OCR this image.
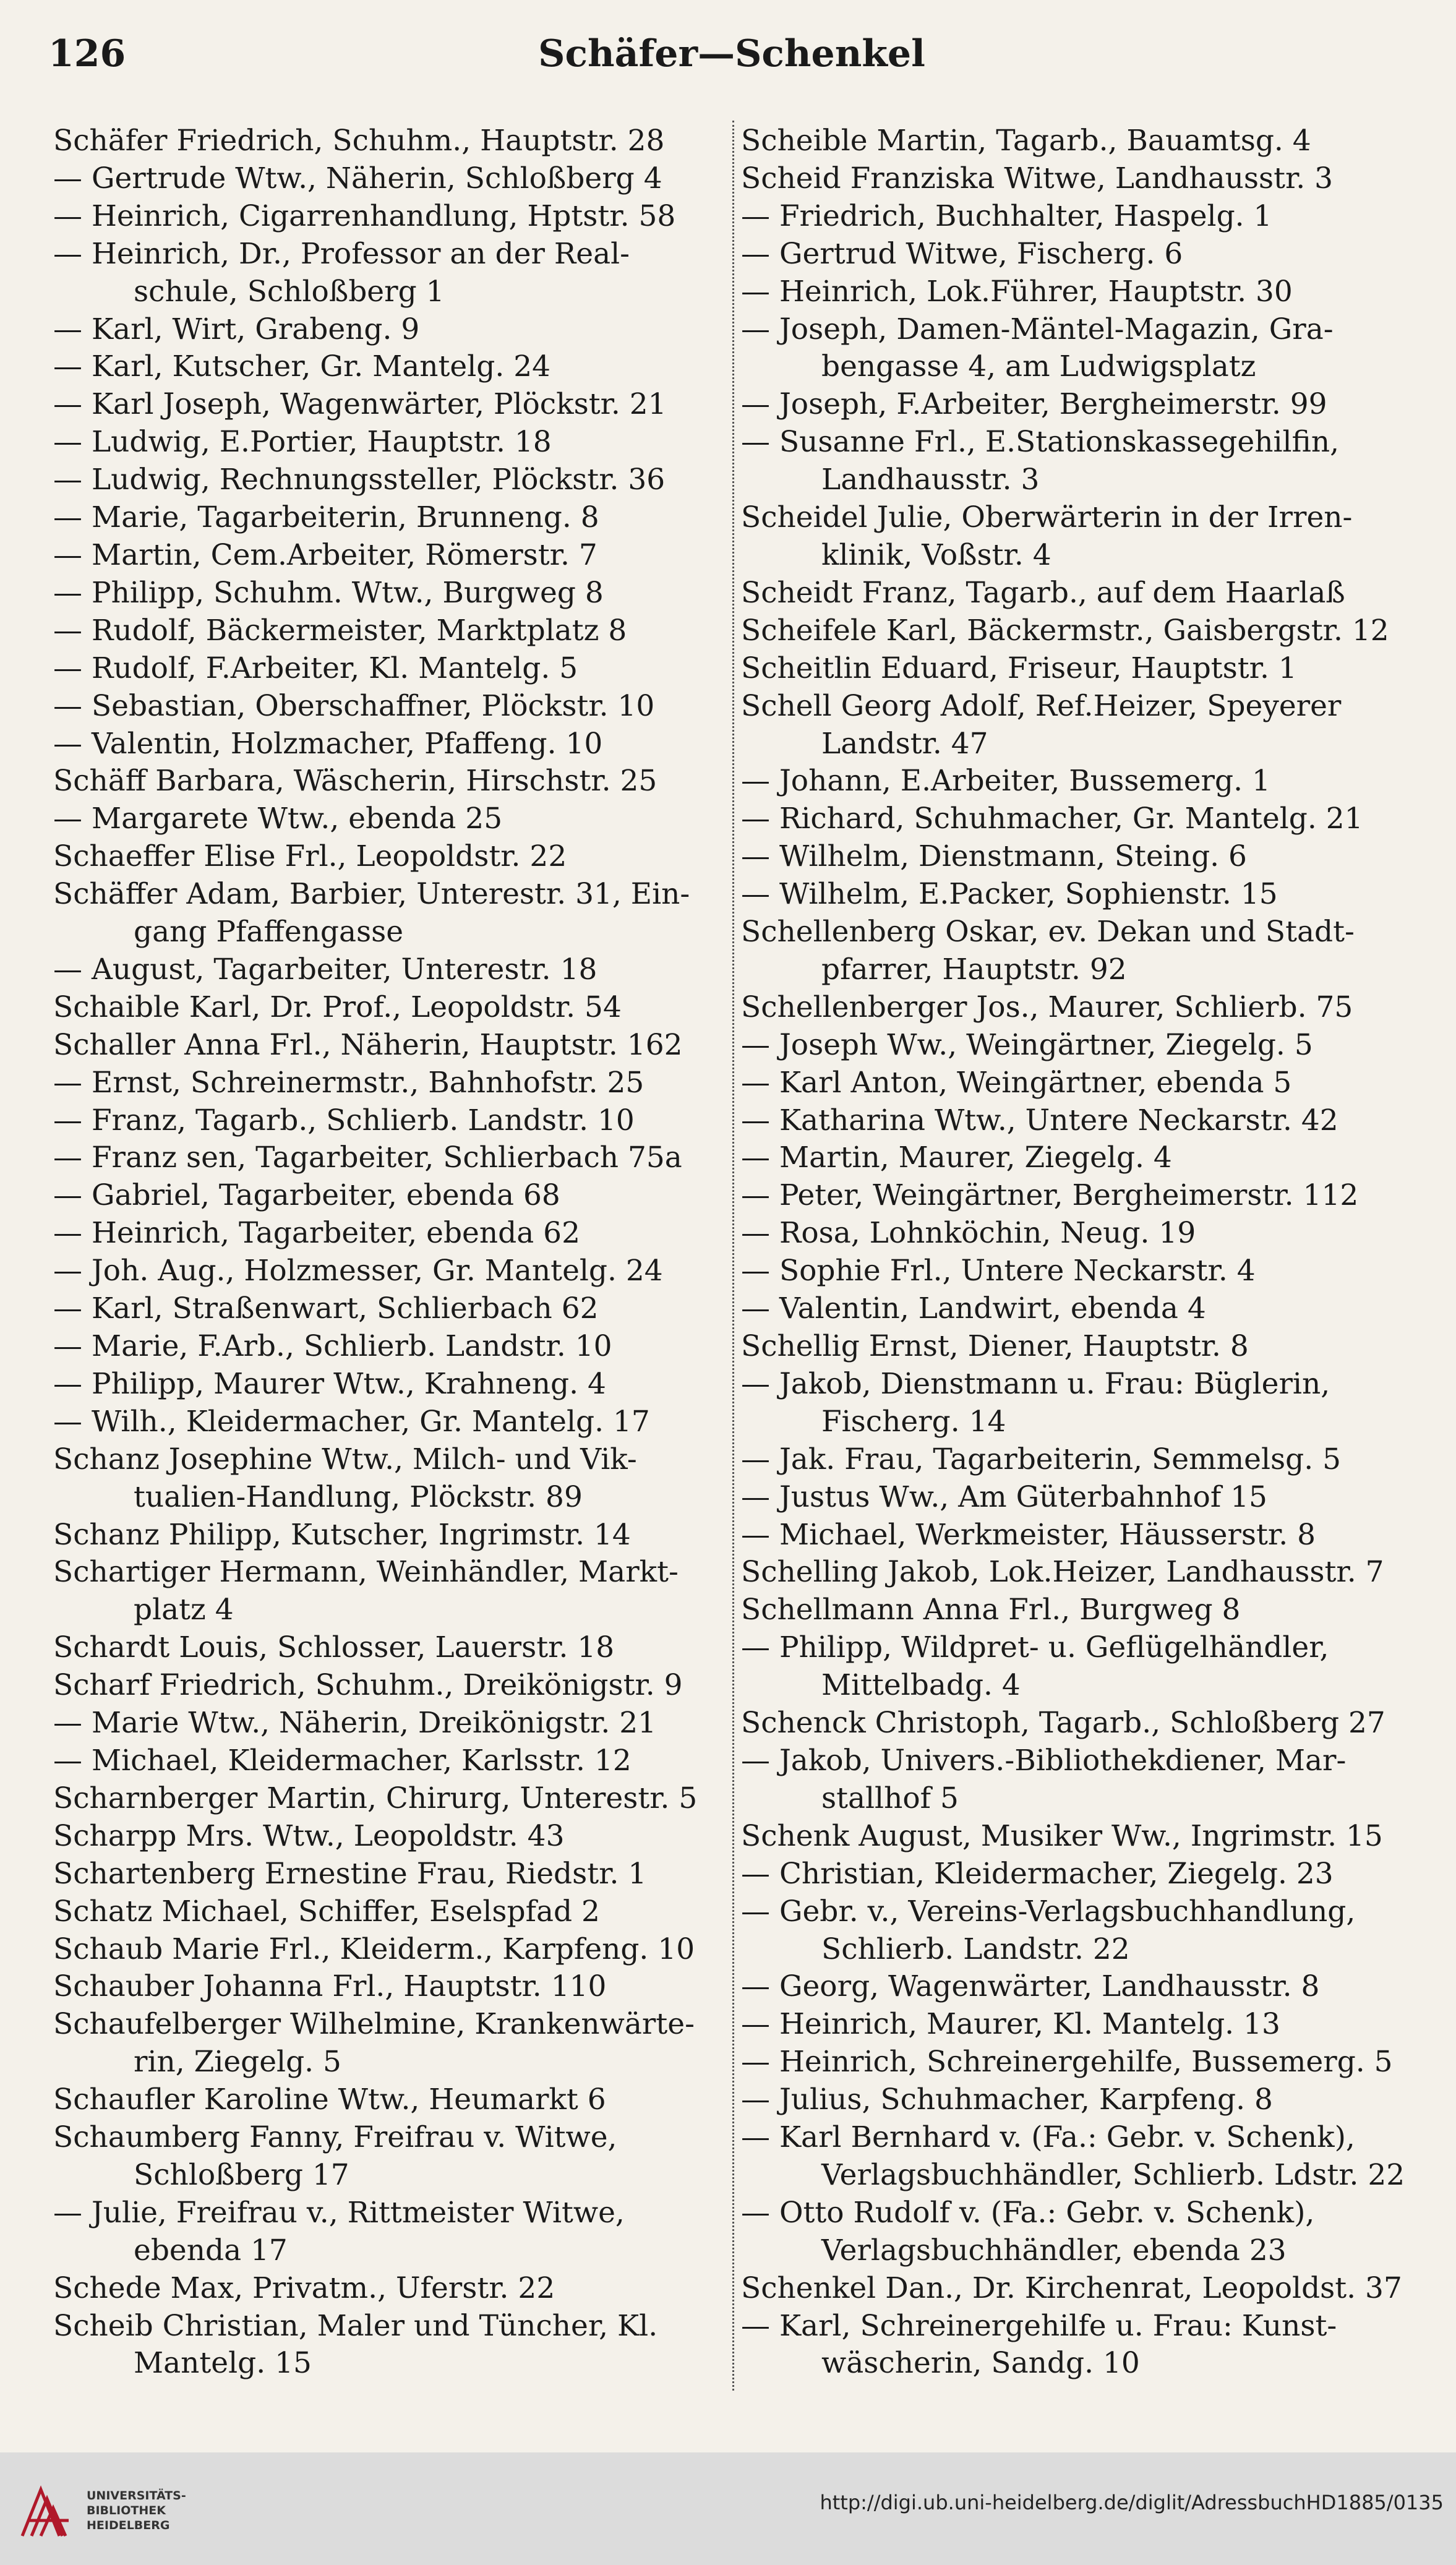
Schäfer—Schenkel
126
Schäfer Friedrich, Schuhm., Hauptstr. 28
— Gertrude Wtw., Näherin, Schloßberg 4
— Heinrich, Cigarrenhandlung, Hptstr. 58
— Heinrich, Dr., Professor an der Real-
schule, Schloßberg 1
— Karl, Wirt, Grabeng. 9
— Karl, Kutscher, Gr. Mantelg. 24
— Karl Joseph, Wagenwärter, Plöckstr. 21
— Ludwig, E.Portier, Hauptstr. 18
— Ludwig, Rechnungssteller, Plöckstr. 36
— Marie, Tagarbeiterin, Brunneng. 8
— Martin, Cem.Arbeiter, Römerstr. 7
— Philipp, Schuhm. Wtw., Burgweg 8
— Rudolf, Bäckermeister, Marktplatz 8
— Rudolf, F.Arbeiter, Kl. Mantelg. 5
— Sebastian, Oberschaffner, Plöckstr. 10
— Valentin, Holzmacher, Pfaffeng. 10
Schäff Barbara, Wäscherin, Hirschstr. 25
— Margarete Wtw., ebenda 25
Schaeffer Elise Frl., Leopoldstr. 22
Schäffer Adam, Barbier, Unterestr. 31, Ein-
gang Pfaffengasse
— August, Tagarbeiter, Unterestr. 18
Schaible Karl, Dr. Prof., Leopoldstr. 54
Schaller Anna Frl., Näherin, Hauptstr. 162
— Ernst, Schreinermstr., Bahnhofstr. 25
— Franz, Tagarb., Schlierb. Landstr. 10
— Franz sen, Tagarbeiter, Schlierbach 75a
— Gabriel, Tagarbeiter, ebenda 68
— Heinrich, Tagarbeiter, ebenda 62
— Joh. Aug., Holzmesser, Gr. Mantelg. 24
— Karl, Straßenwart, Schlierbach 62
— Marie, F.Arb., Schlierb. Landstr. 10
— Philipp, Maurer Wtw., Krahneng. 4
— Wilh., Kleidermacher, Gr. Mantelg. 17
Schanz Josephine Wtw., Milch- und Vik-
tualien-Handlung, Plöckstr. 89
Schanz Philipp, Kutscher, Ingrimstr. 14
Schartiger Hermann, Weinhändler, Markt-
platz 4
Schardt Louis, Schlosser, Lauerstr. 18
Scharf Friedrich, Schuhm., Dreikönigstr. 9
— Marie Wtw., Näherin, Dreikönigstr. 21
— Michael, Kleidermacher, Karlsstr. 12
Scharnberger Martin, Chirurg, Unterestr. 5
Scharpp Mrs. Wtw., Leopoldstr. 43
Schartenberg Ernestine Frau, Riedstr. 1
Schatz Michael, Schiffer, Eselspfad 2
Schaub Marie Frl., Kleiderm., Karpfeng. 10
Schauber Johanna Frl., Hauptstr. 110
Schaufelberger Wilhelmine, Krankenwärte-
rin, Ziegelg. 5
Schaufler Karoline Wtw., Heumarkt 6
Schaumberg Fanny, Freifrau v. Witwe,
Schloßberg 17
— Julie, Freifrau v., Rittmeister Witwe,
ebenda 17
Schede Max, Privatm., Uferstr. 22
Scheib Christian, Maler und Tüncher, Kl.
Mantelg. 15
Scheible Martin, Tagarb., Bauamtsg. 4
Scheid Franziska Witwe, Landhausstr. 3
— Friedrich, Buchhalter, Haspelg. 1
— Gertrud Witwe, Fischerg. 6
— Heinrich, Lok.Führer, Hauptstr. 30
— Joseph, Damen-Mäntel-Magazin, Gra-
bengasse 4, am Ludwigsplatz
— Joseph, F.Arbeiter, Bergheimerstr. 99
— Susanne Frl., E.Stationskassegehilfin,
Landhausstr. 3
Scheidel Julie, Oberwärterin in der Irren-
klinik, Voßstr. 4
Scheidt Franz, Tagarb., auf dem Haarlaß
Scheifele Karl, Bäckermstr., Gaisbergstr. 12
Scheitlin Eduard, Friseur, Hauptstr. 1
Schell Georg Adolf, Ref.Heizer, Speyerer
Landstr. 47
— Johann, E.Arbeiter, Bussemerg. 1
— Richard, Schuhmacher, Gr. Mantelg. 21
— Wilhelm, Dienstmann, Steing. 6
— Wilhelm, E.Packer, Sophienstr. 15
Schellenberg Oskar, ev. Dekan und Stadt-
pfarrer, Hauptstr. 92
Schellenberger Jos., Maurer, Schlierb. 75
— Joseph Ww., Weingärtner, Ziegelg. 5
— Karl Anton, Weingärtner, ebenda 5
— Katharina Wtw., Untere Neckarstr. 42
— Martin, Maurer, Ziegelg. 4
— Peter, Weingärtner, Bergheimerstr. 112
— Rosa, Lohnköchin, Neug. 19
— Sophie Frl., Untere Neckarstr. 4
— Valentin, Landwirt, ebenda 4
Schellig Ernst, Diener, Hauptstr. 8
— Jakob, Dienstmann u. Frau: Büglerin,
Fischerg. 14
— Jak. Frau, Tagarbeiterin, Semmelsg. 5
— Justus Ww., Am Güterbahnhof 15
— Michael, Werkmeister, Häusserstr. 8
Schelling Jakob, Lok.Heizer, Landhausstr. 7
Schellmann Anna Frl., Burgweg 8
— Philipp, Wildpret- u. Geflügelhändler,
Mittelbadg. 4
Schenck Christoph, Tagarb., Schloßberg 27
— Jakob, Univers.-Bibliothekdiener, Mar-
stallhof 5
Schenk August, Musiker Ww., Ingrimstr. 15
— Christian, Kleidermacher, Ziegelg. 23
— Gebr. v., Vereins-Verlagsbuchhandlung,
Schlierb. Landstr. 22
— Georg, Wagenwärter, Landhausstr. 8
— Heinrich, Maurer, Kl. Mantelg. 13
— Heinrich, Schreinergehilfe, Bussemerg. 5
— Julius, Schuhmacher, Karpfeng. 8
— Karl Bernhard v. (Fa.: Gebr. v. Schenk),
Verlagsbuchhändler, Schlierb. Ldstr. 22
— Otto Rudolf v. (Fa.: Gebr. v. Schenk),
Verlagsbuchhändler, ebenda 23
Schenkel Dan., Dr. Kirchenrat, Leopoldst. 37
— Karl, Schreinergehilfe u. Frau: Kunst-
wäscherin, Sandg. 10
UNIVERSITÄTS-
BIBLIOTHEK
HEIDELBERG
http://digi.ub.uni-heidelberg.de/diglit/AdressbuchHD1885/0135
